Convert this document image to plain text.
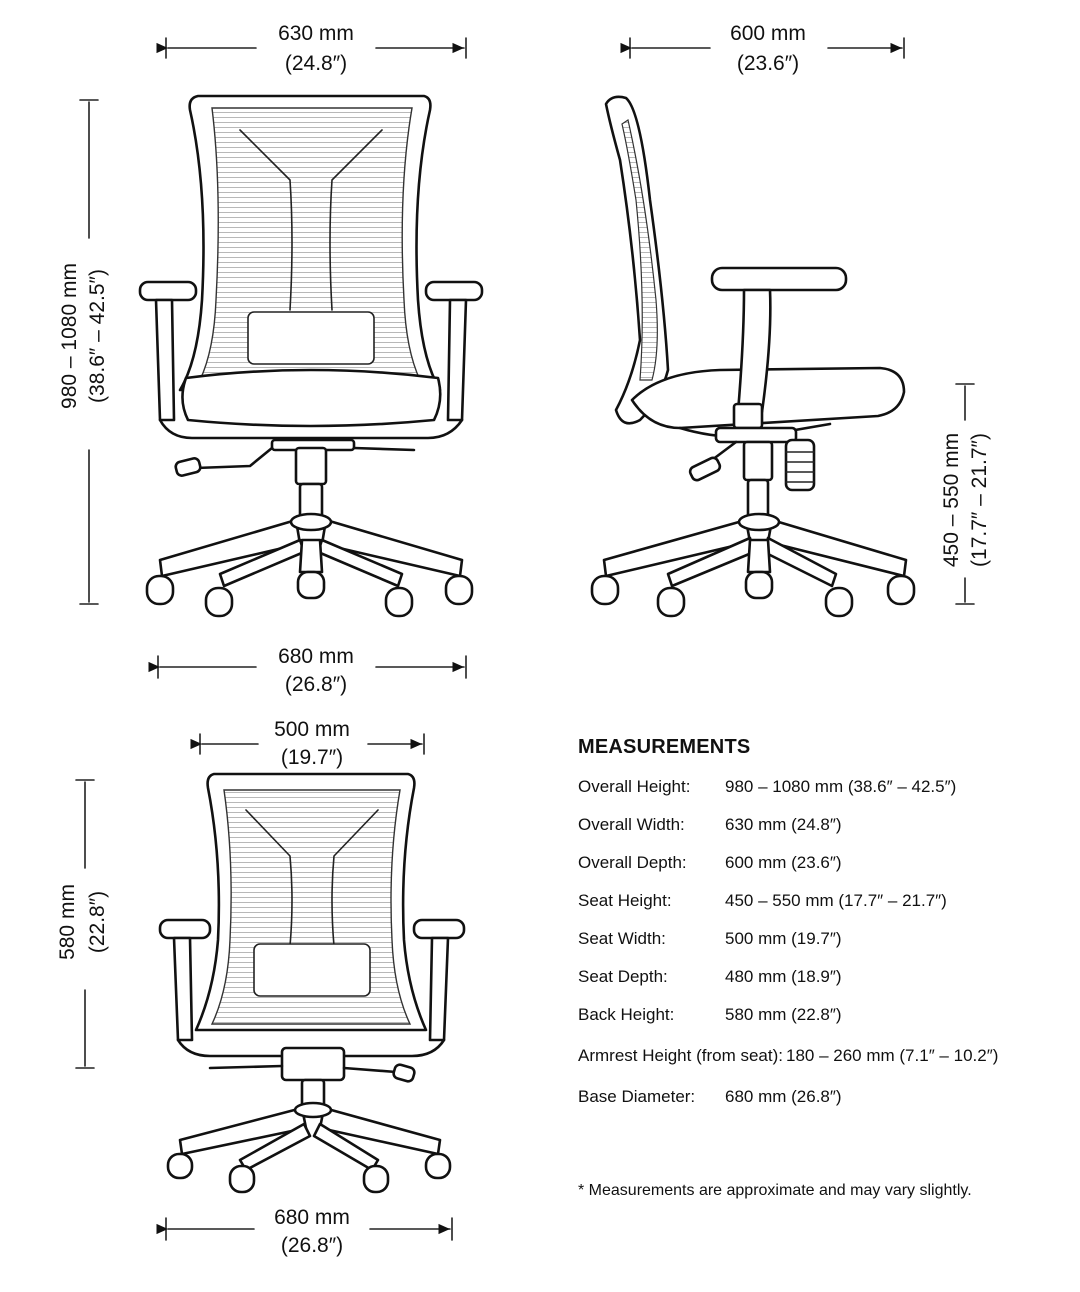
630 mm
(24.8″)
980 – 1080 mm (38.6″ – 42.5″)
680 mm
(26.8″)
600 mm
(23.6″)
450 – 550 mm (17.7″ – 21.7″)
500 mm
(19.7″)
580 mm (22.8″)
680 mm
(26.8″)
MEASUREMENTS
Overall Height: 980 – 1080 mm (38.6″ – 42.5″)
Overall Width: 630 mm (24.8″)
Overall Depth: 600 mm (23.6″)
Seat Height:	450 – 550 mm (17.7″ – 21.7″)
Seat Width:	500 mm (19.7″)
Seat Depth:	480 mm (18.9″)
Back Height:	580 mm (22.8″)
Armrest Height (from seat): 180 – 260 mm (7.1″ – 10.2″)
Base Diameter: 680 mm (26.8″)
* Measurements are approximate and may vary slightly.
